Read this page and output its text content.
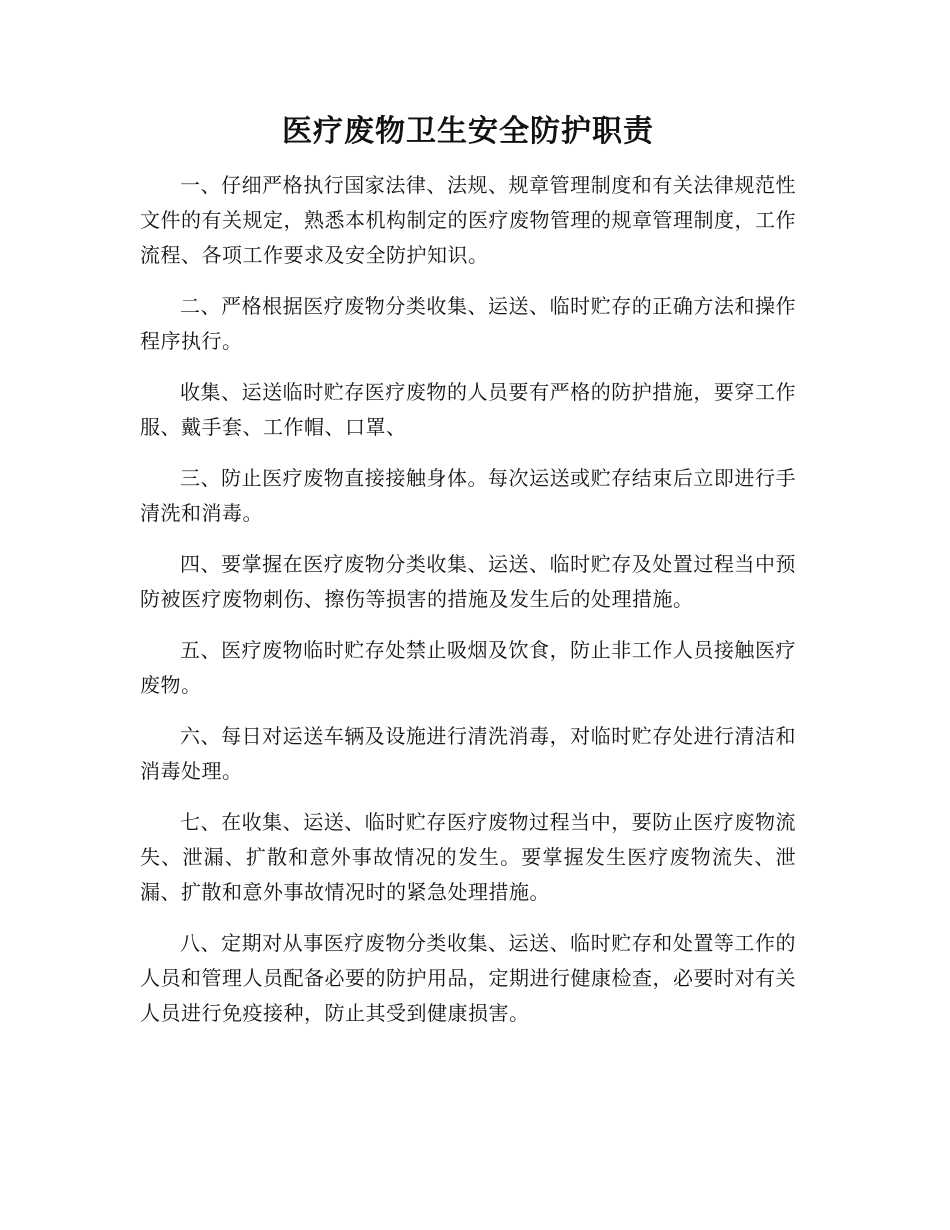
医疗废物卫生安全防护职责

一、仔细严格执行国家法律、法规、规章管理制度和有关法律规范性文件的有关规定，熟悉本机构制定的医疗废物管理的规章管理制度，工作流程、各项工作要求及安全防护知识。

二、严格根据医疗废物分类收集、运送、临时贮存的正确方法和操作程序执行。

收集、运送临时贮存医疗废物的人员要有严格的防护措施，要穿工作服、戴手套、工作帽、口罩、

三、防止医疗废物直接接触身体。每次运送或贮存结束后立即进行手清洗和消毒。

四、要掌握在医疗废物分类收集、运送、临时贮存及处置过程当中预防被医疗废物刺伤、擦伤等损害的措施及发生后的处理措施。

五、医疗废物临时贮存处禁止吸烟及饮食，防止非工作人员接触医疗废物。

六、每日对运送车辆及设施进行清洗消毒，对临时贮存处进行清洁和消毒处理。

七、在收集、运送、临时贮存医疗废物过程当中，要防止医疗废物流失、泄漏、扩散和意外事故情况的发生。要掌握发生医疗废物流失、泄漏、扩散和意外事故情况时的紧急处理措施。

八、定期对从事医疗废物分类收集、运送、临时贮存和处置等工作的人员和管理人员配备必要的防护用品，定期进行健康检查，必要时对有关人员进行免疫接种，防止其受到健康损害。
